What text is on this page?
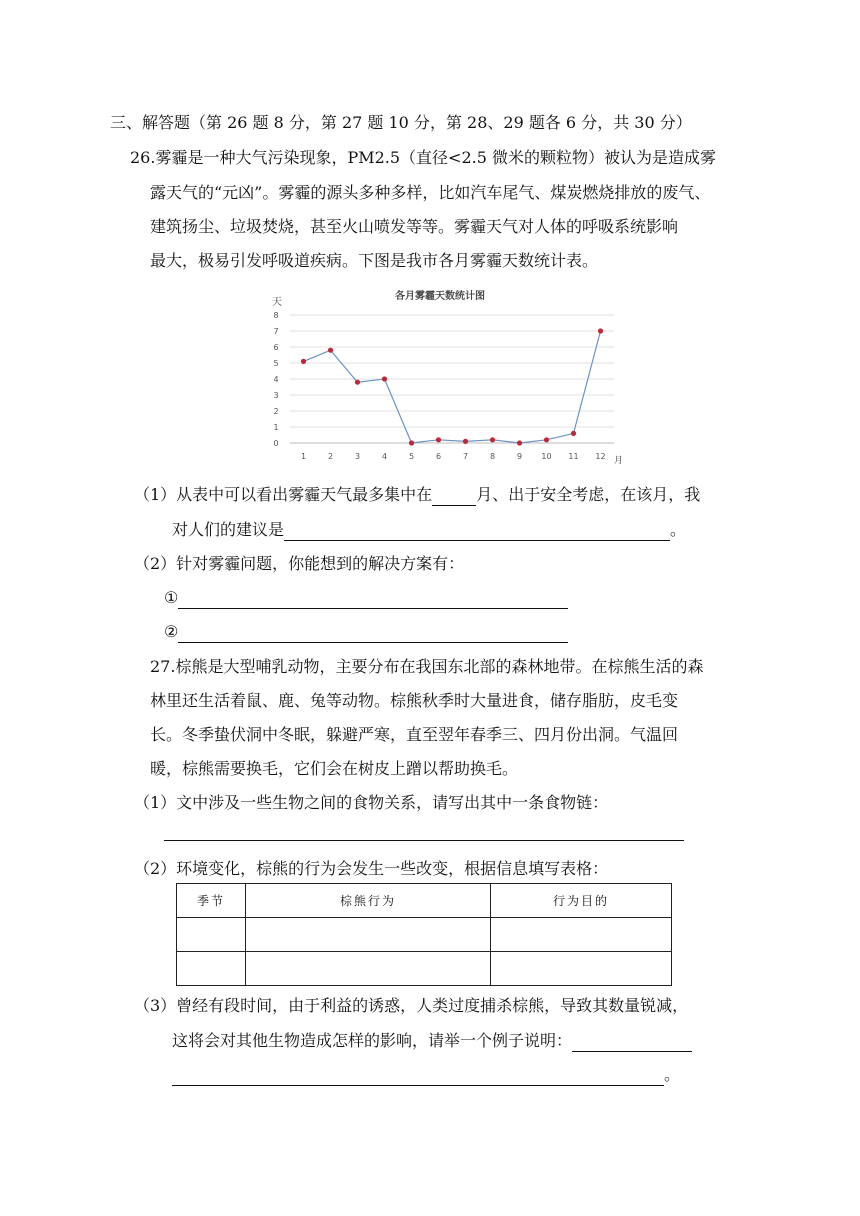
三、解答题（第 26 题 8 分，第 27 题 10 分，第 28、29 题各 6 分，共 30 分）
26.雾霾是一种大气污染现象，PM2.5（直径<2.5 微米的颗粒物）被认为是造成雾
露天气的“元凶”。雾霾的源头多种多样，比如汽车尾气、煤炭燃烧排放的废气、
建筑扬尘、垃圾焚烧，甚至火山喷发等等。雾霾天气对人体的呼吸系统影响
最大，极易引发呼吸道疾病。下图是我市各月雾霾天数统计表。
各月雾霾天数统计图
天
月
0
1
2
3
4
5
6
7
8
1	2	3	4	5	6	7	8	9 10 11 12
（1）从表中可以看出雾霾天气最多集中在	月、出于安全考虑，在该月，我
对人们的建议是	。
（2）针对雾霾问题，你能想到的解决方案有：
①
②
27.棕熊是大型哺乳动物，主要分布在我国东北部的森林地带。在棕熊生活的森
林里还生活着鼠、鹿、兔等动物。棕熊秋季时大量进食，储存脂肪，皮毛变
长。冬季蛰伏洞中冬眠，躲避严寒，直至翌年春季三、四月份出洞。气温回
暖，棕熊需要换毛，它们会在树皮上蹭以帮助换毛。
（1）文中涉及一些生物之间的食物关系，请写出其中一条食物链：
（2）环境变化，棕熊的行为会发生一些改变，根据信息填写表格：
季节	棕熊行为	行为目的

（3）曾经有段时间，由于利益的诱惑，人类过度捕杀棕熊，导致其数量锐减，
这将会对其他生物造成怎样的影响，请举一个例子说明：
。
